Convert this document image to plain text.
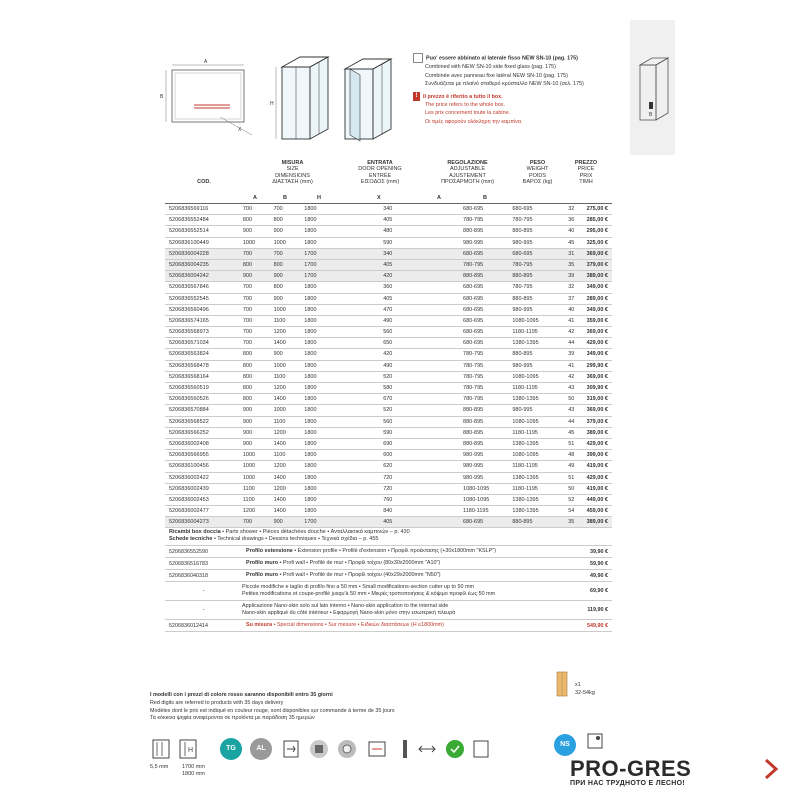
A
B
X
H
Puo' essere abbinato al laterale fisso NEW SN-10 (pag. 175)
Combined with NEW SN-10 side fixed glass (pag. 175)
Combinée avec panneau fixe latéral NEW SN-10 (pag. 175)
Συνδυάζεται με πλαϊνό σταθερό κρύσταλλο NEW SN-10 (σελ. 175)
! Il prezzo è riferito a tutto il box.
The price refers to the whole box.
Les prix concernent toute la cabine.
Οι τιμές αφορούν ολόκληρη την καμπίνα.
B
COD.
MISURA
SIZE
DIMENSIONS
ΔΙΑΣΤΑΣΗ (mm)
ENTRATA
DOOR OPENING
ENTRÉE
ΕΙΣΟΔΟΣ (mm)
REGOLAZIONE
ADJUSTABLE
AJUSTEMENT
ΠΡΟΣΑΡΜΟΓΗ (mm)
PESO
WEIGHT
POIDS
ΒΑΡΟΣ (kg)
PREZZO
PRICE
PRIX
ΤΙΜΗ
A	B	H	X	A	B
5206836569116	700	700	1800	340	680-695	680-695	32	275,00 €
5206836552484	800	800	1800	405	780-795	780-795	36	285,00 €
5206836552514	900	900	1800	480	880-895	880-895	40	295,00 €
5206836100449	1000	1000	1800	590	980-995	980-995	45	325,00 €
5206836004228	700	700	1700	340	680-695	680-695	31	369,00 €
5206836004235	800	800	1700	405	780-795	780-795	35	379,00 €
5206836004242	900	900	1700	420	880-895	880-895	39	389,00 €
5206836567846	700	800	1800	360	680-695	780-795	32	349,00 €
5206836552545	700	900	1800	405	680-695	880-895	37	289,00 €
5206836560496	700	1000	1800	470	680-695	980-995	40	349,00 €
5206836574165	700	1100	1800	490	680-695	1080-1095	41	359,00 €
5206836568973	700	1200	1800	560	680-695	1180-1195	42	369,00 €
5206836571034	700	1400	1800	650	680-695	1380-1395	44	429,00 €
5206836563824	800	900	1800	420	780-795	880-895	39	349,00 €
5206836568478	800	1000	1800	490	780-795	980-995	41	299,90 €
5206836568164	800	1100	1800	520	780-795	1080-1095	42	369,00 €
5206836560519	800	1200	1800	580	780-795	1180-1195	43	309,90 €
5206836560526	800	1400	1800	670	780-795	1380-1395	50	319,00 €
5206836570884	900	1000	1800	520	880-895	980-995	43	369,00 €
5206836568522	900	1100	1800	560	880-895	1080-1095	44	379,00 €
5206836566252	900	1200	1800	590	880-895	1180-1195	45	389,00 €
5206836002408	900	1400	1800	690	880-895	1380-1395	51	429,00 €
5206836566955	1000	1100	1800	600	980-995	1080-1095	48	399,00 €
5206836100456	1000	1200	1800	620	980-995	1180-1195	49	419,00 €
5206836002422	1000	1400	1800	720	980-995	1380-1395	51	429,00 €
5206836002439	1100	1200	1800	720	1080-1095	1180-1195	50	419,00 €
5206836002453	1100	1400	1800	760	1080-1095	1380-1395	52	449,00 €
5206836002477	1200	1400	1800	840	1180-1195	1380-1395	54	459,00 €
5206836004273	700	900	1700	405	680-695	880-895	35	389,00 €
Ricambi box doccia • Parts shower • Pièces détachées douche • Ανταλλακτικά καμπινών – p. 430
Schede tecniche • Technical drawings • Dessins techniques • Τεχνικά σχέδια – p. 455
5206836552590	Profilo estensione • Extension profile • Profilé d'extension • Προφίλ προέκτασης (+30x1800mm "KSLP")	39,90 €
5206836516783	Profilo muro • Profi wall • Profilé de mur • Προφίλ τοίχου (80x30x2000mm "A10")	59,90 €
5206836040318	Profilo muro • Profi wall • Profilé de mur • Προφίλ τοίχου (40x29x2000mm "N50")	49,90 €
-
Piccole modifiche e taglio di profilo fino a 50 mm • Small modifications-section cutter up to 50 mm
Petites modifications et coupe-profilé jusqu'à 50 mm • Μικρές τροποποιήσεις & κόψιμο προφίλ έως 50 mm	69,90 €
-
Applicazione Nano-skin solo sul lato interno • Nano-skin application to the internal side
Nano-skin appliqué du côté intérieur • Εφαρμογή Nano-skin μόνο στην εσωτερική πλευρά	119,90 €
5206836012414	Su misura • Special dimensions • Sur mesure • Ειδικών διαστάσεων (H ≤1800mm)	549,90 €
I modelli con i prezzi di colore rosso saranno disponibili entro 35 giorni
Red digits are referred to products with 35 days delivery
Modèles dont le prix est indiqué en couleur rouge, sont disponibles sur commande à terme de 35 jours
Τα κόκκινα ψηφία αναφέρονται σε προϊόντα με παράδοση 35 ημερών
x1
32-54kg
5,5 mm
H
1700 mm
1800 mm
TG	AL
NS
PRO-GRES
ПРИ НАС ТРУДНОТО Е ЛЕСНО!
